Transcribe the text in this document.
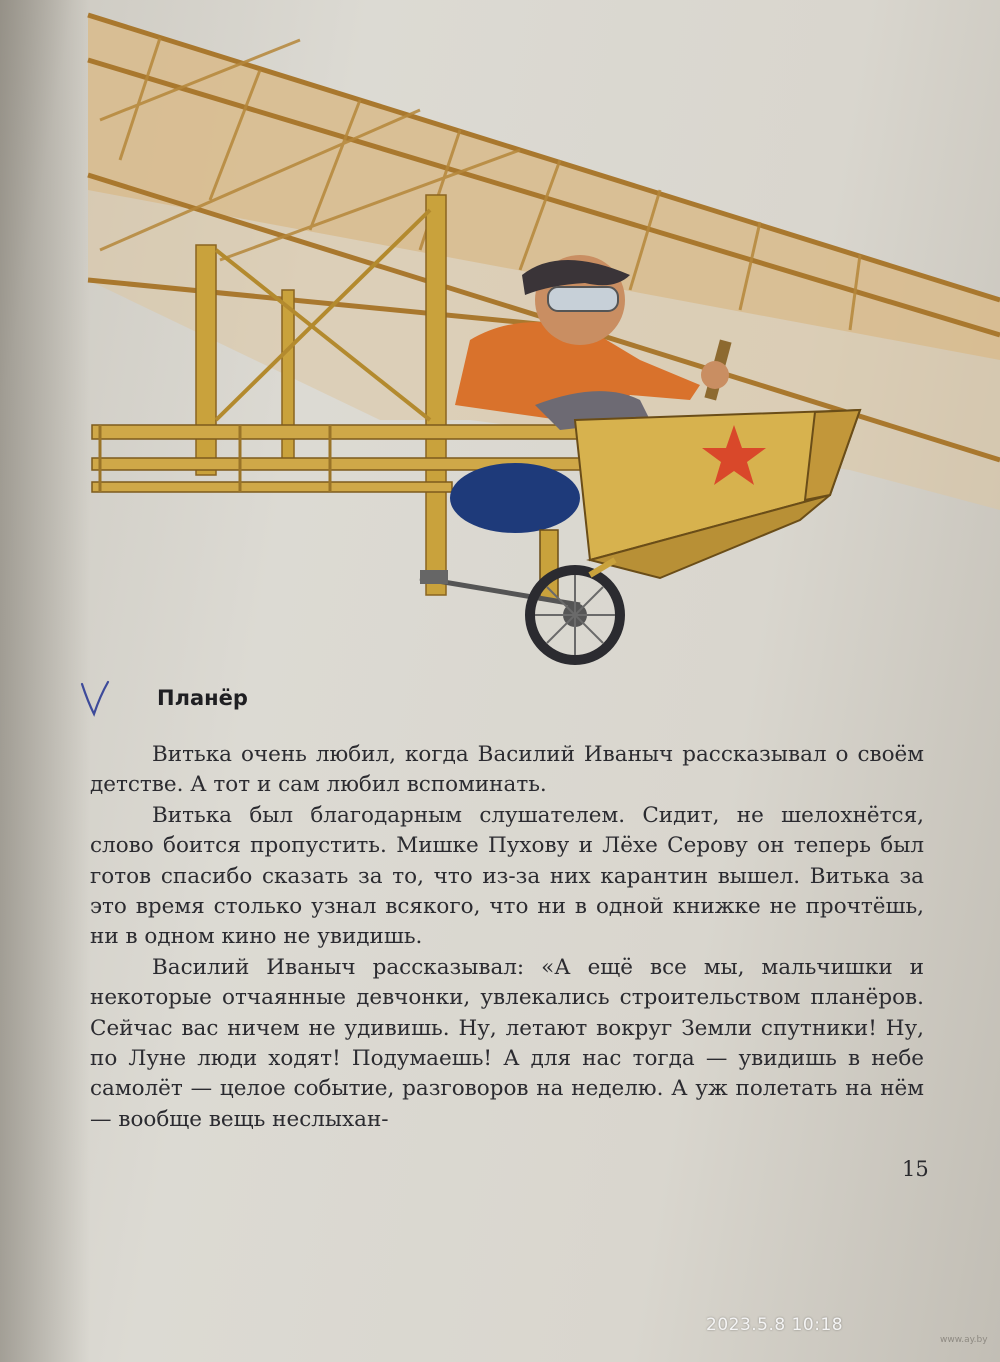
Планёр

Витька очень любил, когда Василий Иваныч рассказывал о своём детстве. А тот и сам любил вспоминать.

Витька был благодарным слушателем. Сидит, не шелохнётся, слово боится пропустить. Мишке Пухову и Лёхе Серову он теперь был готов спасибо сказать за то, что из-за них карантин вышел. Витька за это время столько узнал всякого, что ни в одной книжке не прочтёшь, ни в одном кино не увидишь.

Василий Иваныч рассказывал: «А ещё все мы, мальчишки и некоторые отчаянные девчонки, увлекались строительством планёров. Сейчас вас ничем не удивишь. Ну, летают вокруг Земли спутники! Ну, по Луне люди ходят! Подумаешь! А для нас тогда — увидишь в небе самолёт — целое событие, разговоров на неделю. А уж полетать на нём — вообще вещь неслыхан-

15
2023.5.8 10:18
www.ay.by
